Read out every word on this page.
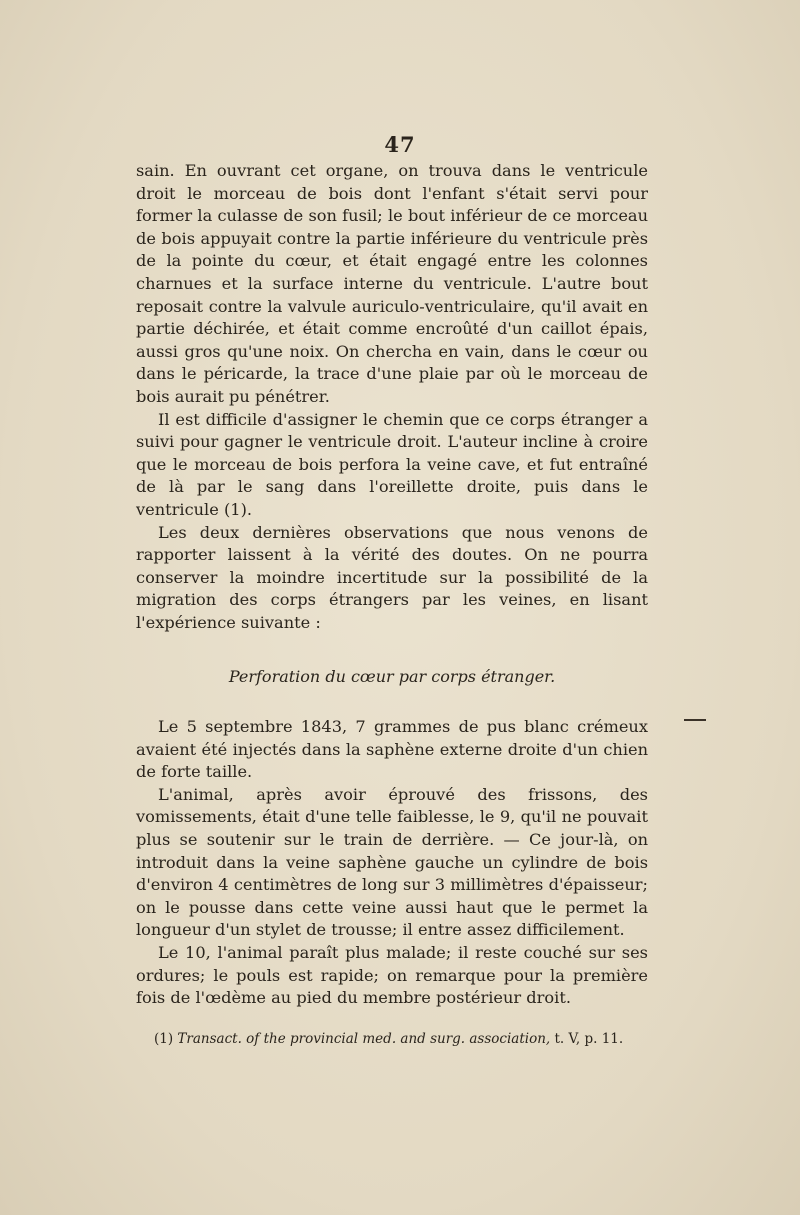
47

sain. En ouvrant cet organe, on trouva dans le ventricule droit le morceau de bois dont l'enfant s'était servi pour former la culasse de son fusil; le bout inférieur de ce morceau de bois appuyait contre la partie inférieure du ventricule près de la pointe du cœur, et était engagé entre les colonnes charnues et la surface interne du ventricule. L'autre bout reposait contre la valvule auriculo-ventriculaire, qu'il avait en partie déchirée, et était comme encroûté d'un caillot épais, aussi gros qu'une noix. On chercha en vain, dans le cœur ou dans le péricarde, la trace d'une plaie par où le morceau de bois aurait pu pénétrer.

Il est difficile d'assigner le chemin que ce corps étranger a suivi pour gagner le ventricule droit. L'auteur incline à croire que le morceau de bois perfora la veine cave, et fut entraîné de là par le sang dans l'oreillette droite, puis dans le ventricule (1).

Les deux dernières observations que nous venons de rapporter laissent à la vérité des doutes. On ne pourra conserver la moindre incertitude sur la possibilité de la migration des corps étrangers par les veines, en lisant l'expérience suivante :

Perforation du cœur par corps étranger.

Le 5 septembre 1843, 7 grammes de pus blanc crémeux avaient été injectés dans la saphène externe droite d'un chien de forte taille.

L'animal, après avoir éprouvé des frissons, des vomissements, était d'une telle faiblesse, le 9, qu'il ne pouvait plus se soutenir sur le train de derrière. — Ce jour-là, on introduit dans la veine saphène gauche un cylindre de bois d'environ 4 centimètres de long sur 3 millimètres d'épaisseur; on le pousse dans cette veine aussi haut que le permet la longueur d'un stylet de trousse; il entre assez difficilement.

Le 10, l'animal paraît plus malade; il reste couché sur ses ordures; le pouls est rapide; on remarque pour la première fois de l'œdème au pied du membre postérieur droit.

(1) Transact. of the provincial med. and surg. association, t. V, p. 11.
